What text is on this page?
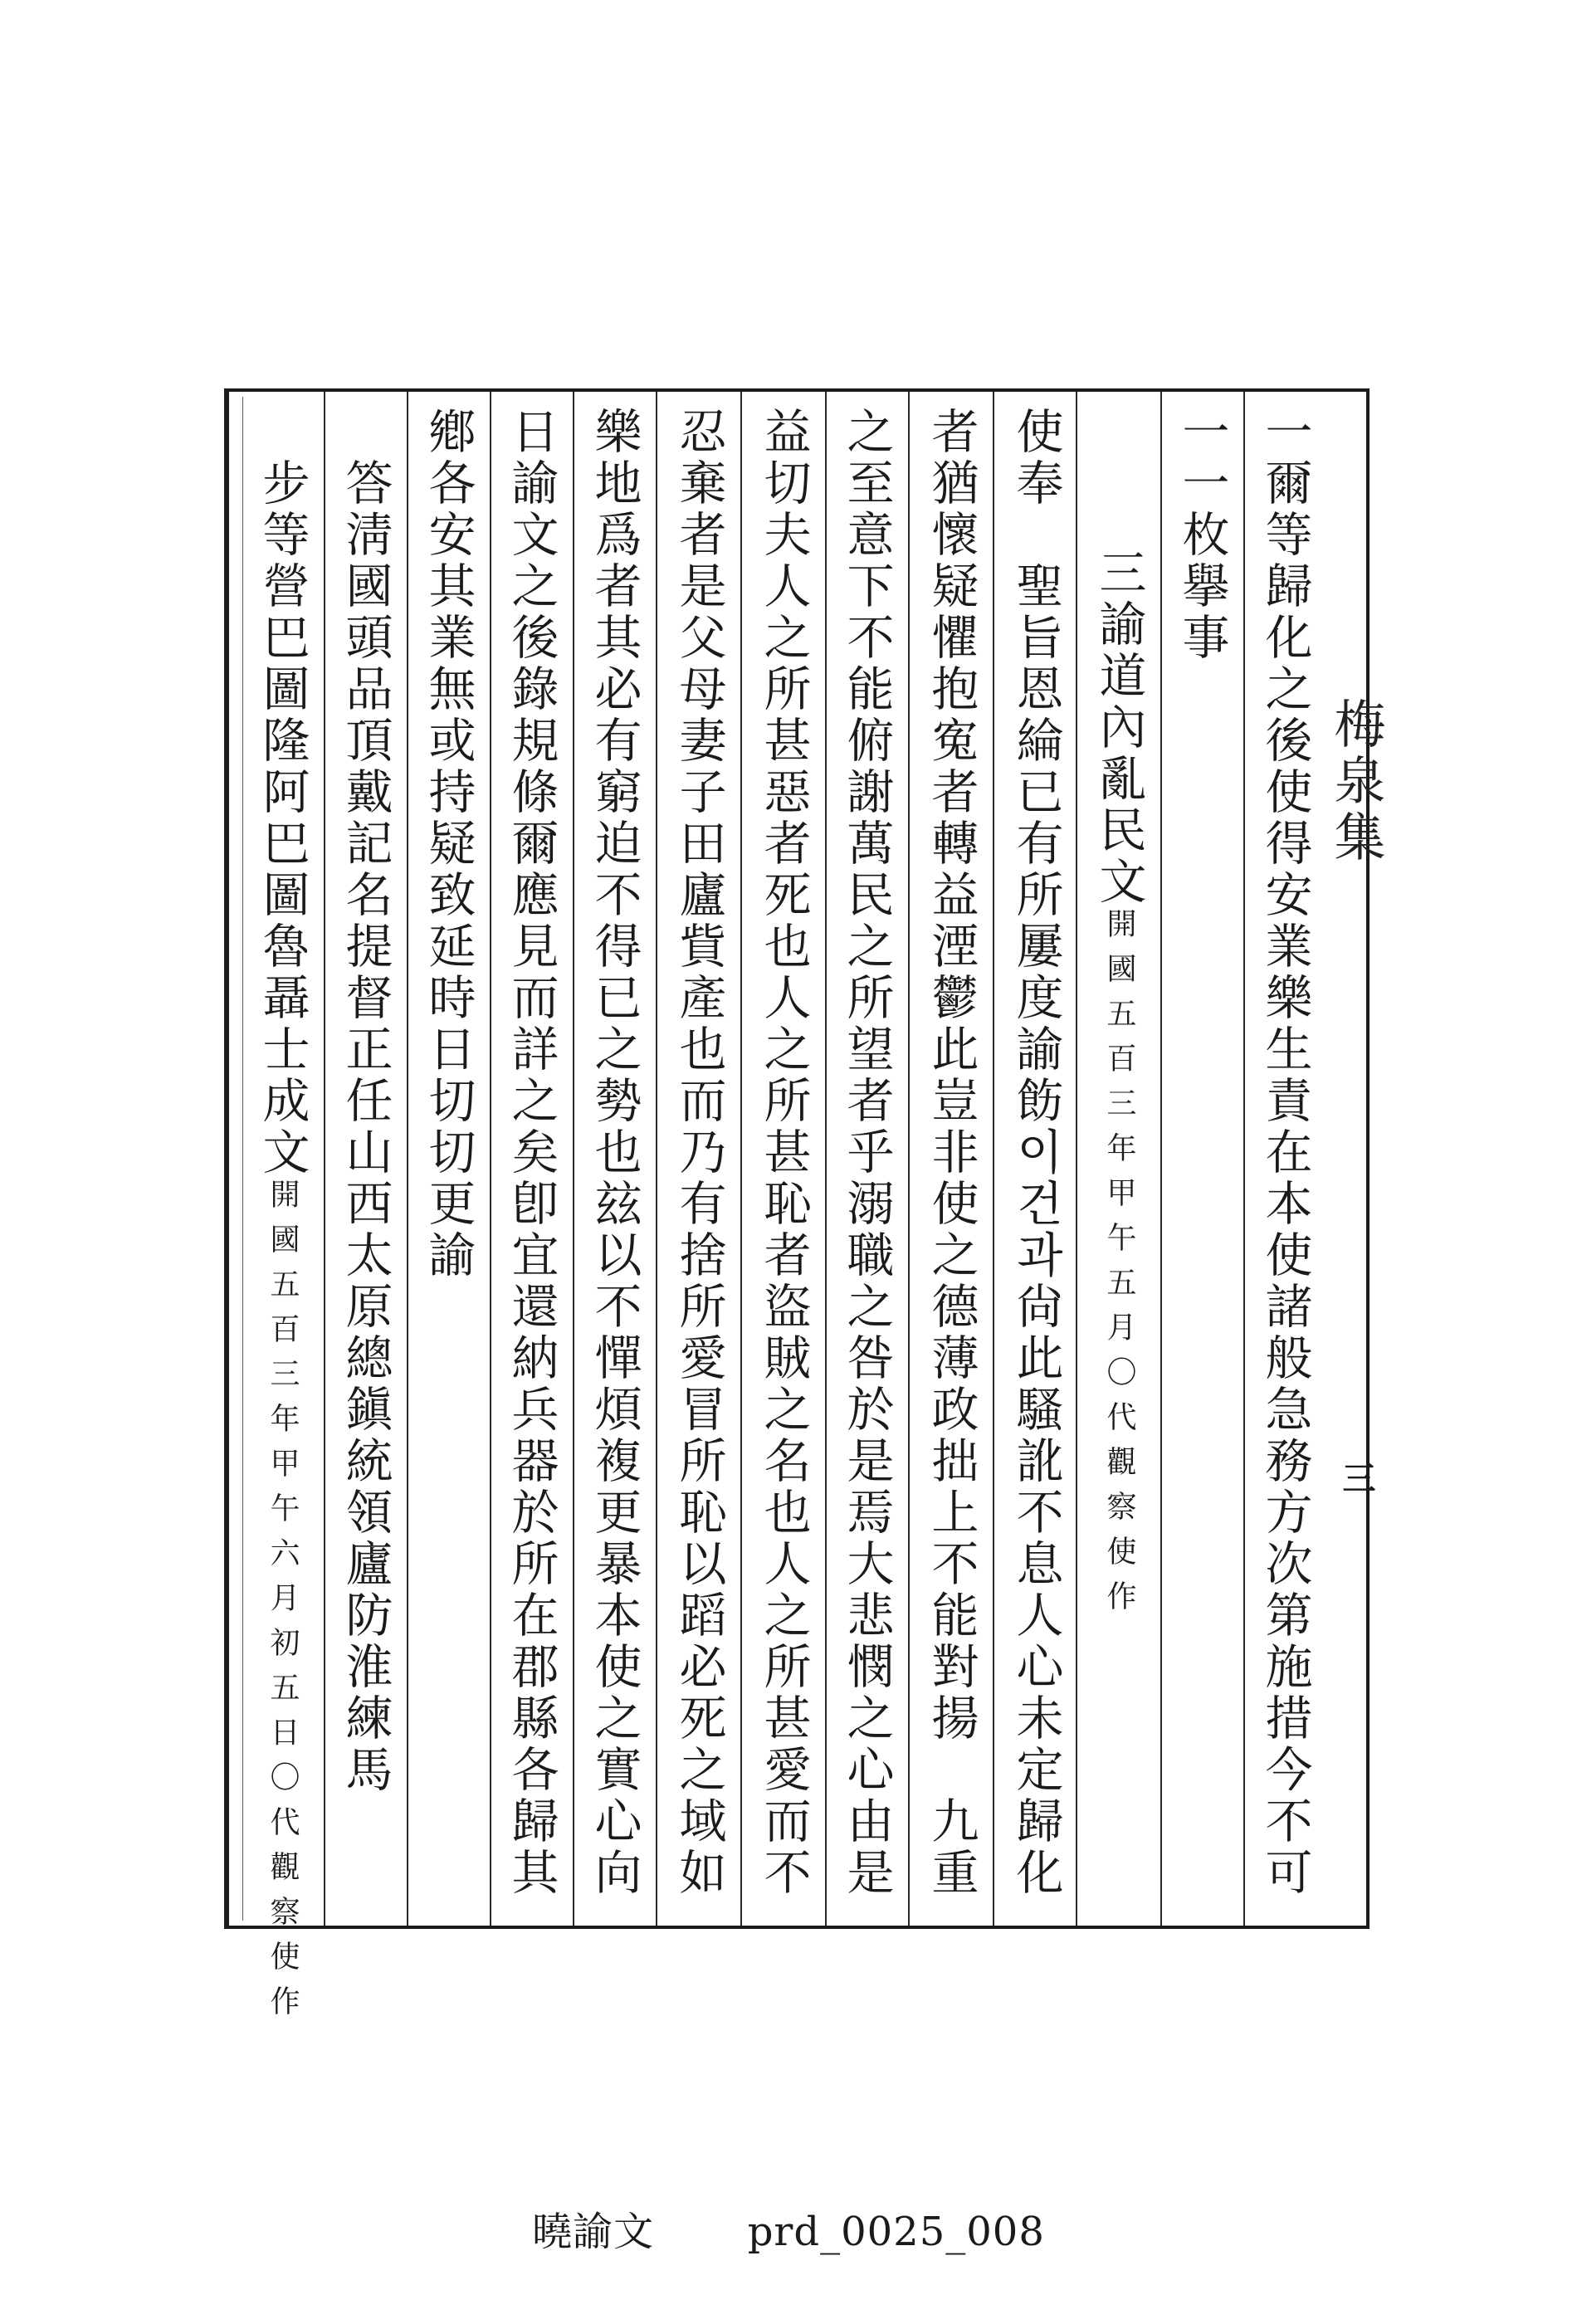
梅泉集
三
一爾等歸化之後使得安業樂生責在本使諸般急務方次第施措今不可
一一枚擧事
三諭道內亂民文開國五百三年甲午五月〇代觀察使作
使奉　聖旨恩綸已有所屢度諭飭이건과尙此騷訛不息人心未定歸化
者猶懷疑懼抱寃者轉益湮鬱此豈非使之德薄政拙上不能對揚　九重
之至意下不能俯謝萬民之所望者乎溺職之咎於是焉大悲憫之心由是
益切夫人之所甚惡者死也人之所甚恥者盜賊之名也人之所甚愛而不
忍棄者是父母妻子田廬貲產也而乃有捨所愛冒所恥以蹈必死之域如
樂地爲者其必有窮迫不得已之勢也玆以不憚煩複更暴本使之實心向
日諭文之後錄規條爾應見而詳之矣卽宜還納兵器於所在郡縣各歸其
鄕各安其業無或持疑致延時日切切更諭
　答淸國頭品頂戴記名提督正任山西太原總鎭統領廬防淮練馬
　步等營巴圖隆阿巴圖魯聶士成文開國五百三年甲午六月初五日〇代觀察使作
曉諭文 prd_0025_008
